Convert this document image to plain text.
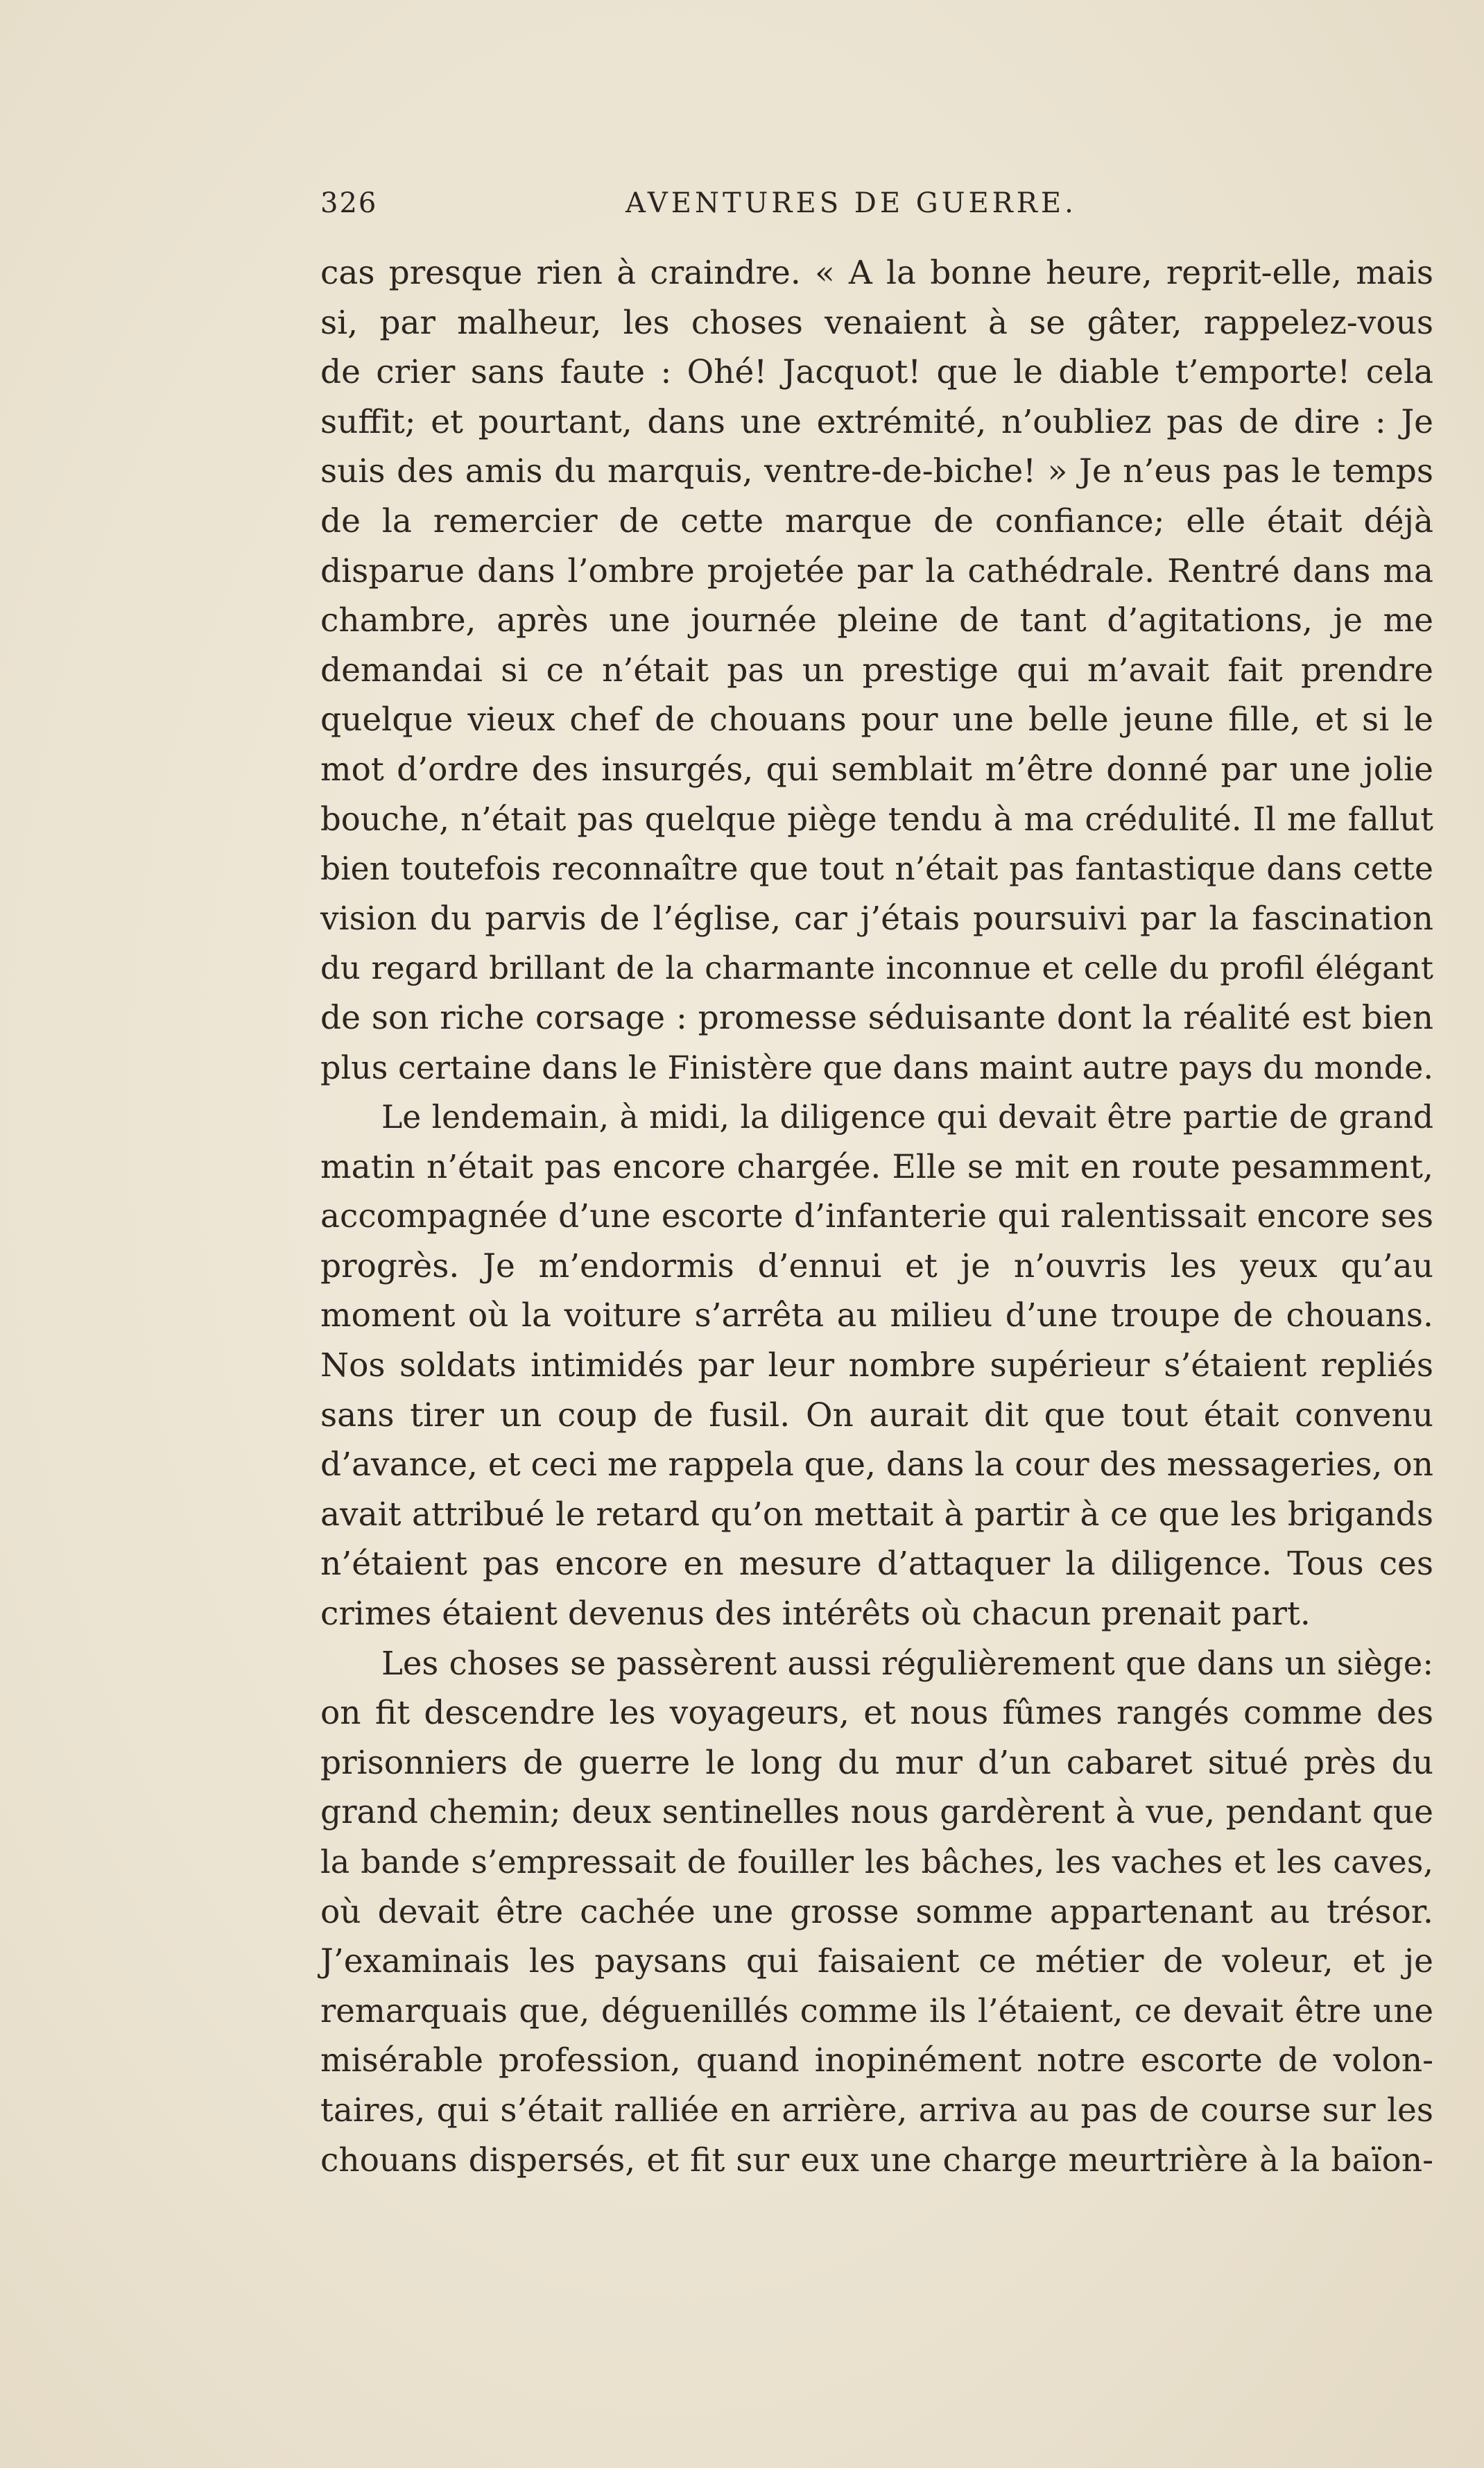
326	AVENTURES DE GUERRE.
cas presque rien à craindre. « A la bonne heure, reprit-elle, mais
si, par malheur, les choses venaient à se gâter, rappelez-vous
de crier sans faute : Ohé! Jacquot! que le diable t’emporte! cela
suffit; et pourtant, dans une extrémité, n’oubliez pas de dire : Je
suis des amis du marquis, ventre-de-biche! » Je n’eus pas le temps
de la remercier de cette marque de confiance; elle était déjà
disparue dans l’ombre projetée par la cathédrale. Rentré dans ma
chambre, après une journée pleine de tant d’agitations, je me
demandai si ce n’était pas un prestige qui m’avait fait prendre
quelque vieux chef de chouans pour une belle jeune fille, et si le
mot d’ordre des insurgés, qui semblait m’être donné par une jolie
bouche, n’était pas quelque piège tendu à ma crédulité. Il me fallut
bien toutefois reconnaître que tout n’était pas fantastique dans cette
vision du parvis de l’église, car j’étais poursuivi par la fascination
du regard brillant de la charmante inconnue et celle du profil élégant
de son riche corsage : promesse séduisante dont la réalité est bien
plus certaine dans le Finistère que dans maint autre pays du monde.
Le lendemain, à midi, la diligence qui devait être partie de grand
matin n’était pas encore chargée. Elle se mit en route pesamment,
accompagnée d’une escorte d’infanterie qui ralentissait encore ses
progrès. Je m’endormis d’ennui et je n’ouvris les yeux qu’au
moment où la voiture s’arrêta au milieu d’une troupe de chouans.
Nos soldats intimidés par leur nombre supérieur s’étaient repliés
sans tirer un coup de fusil. On aurait dit que tout était convenu
d’avance, et ceci me rappela que, dans la cour des messageries, on
avait attribué le retard qu’on mettait à partir à ce que les brigands
n’étaient pas encore en mesure d’attaquer la diligence. Tous ces
crimes étaient devenus des intérêts où chacun prenait part.
Les choses se passèrent aussi régulièrement que dans un siège:
on fit descendre les voyageurs, et nous fûmes rangés comme des
prisonniers de guerre le long du mur d’un cabaret situé près du
grand chemin; deux sentinelles nous gardèrent à vue, pendant que
la bande s’empressait de fouiller les bâches, les vaches et les caves,
où devait être cachée une grosse somme appartenant au trésor.
J’examinais les paysans qui faisaient ce métier de voleur, et je
remarquais que, déguenillés comme ils l’étaient, ce devait être une
misérable profession, quand inopinément notre escorte de volon-
taires, qui s’était ralliée en arrière, arriva au pas de course sur les
chouans dispersés, et fit sur eux une charge meurtrière à la baïon-
